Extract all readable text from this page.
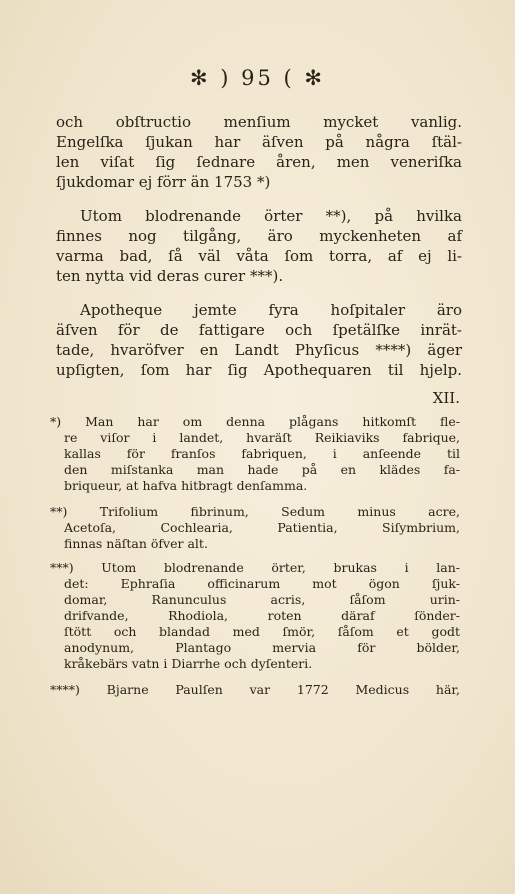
✻ ) 95 ( ✻
och obſtructio menſium mycket vanlig.
Engelſka ſjukan har äſven på några ſtäl-
len viſat ſig ſednare åren, men veneriſka
ſjukdomar ej förr än 1753 *)
Utom blodrenande örter **), på hvilka
finnes nog tilgång, äro myckenheten af
varma bad, ſå väl våta ſom torra, af ej li-
ten nytta vid deras curer ***).
Apotheque jemte fyra hoſpitaler äro
äſven för de fattigare och ſpetälſke inrät-
tade, hvaröfver en Landt Phyſicus ****) äger
upſigten, ſom har ſig Apothequaren til hjelp.
XII.
*) Man har om denna plågans hitkomſt fle-
re viſor i landet, hvaräſt Reikiaviks fabrique,
kallas för franſos fabriquen, i anſeende til
den miſstanka man hade på en klädes fa-
briqueur, at hafva hitbragt denſamma.
**) Trifolium fibrinum, Sedum minus acre,
Acetoſa, Cochlearia, Patientia, Siſymbrium,
finnas näſtan öfver alt.
***) Utom blodrenande örter, brukas i lan-
det: Ephraſia officinarum mot ögon ſjuk-
domar, Ranunculus acris, ſåſom urin-
drifvande, Rhodiola, roten däraf ſönder-
ſtött och blandad med ſmör, ſåſom et godt
anodynum, Plantago mervia för bölder,
kråkebärs vatn i Diarrhe och dyſenteri.
****) Bjarne Paulſen var 1772 Medicus här,
